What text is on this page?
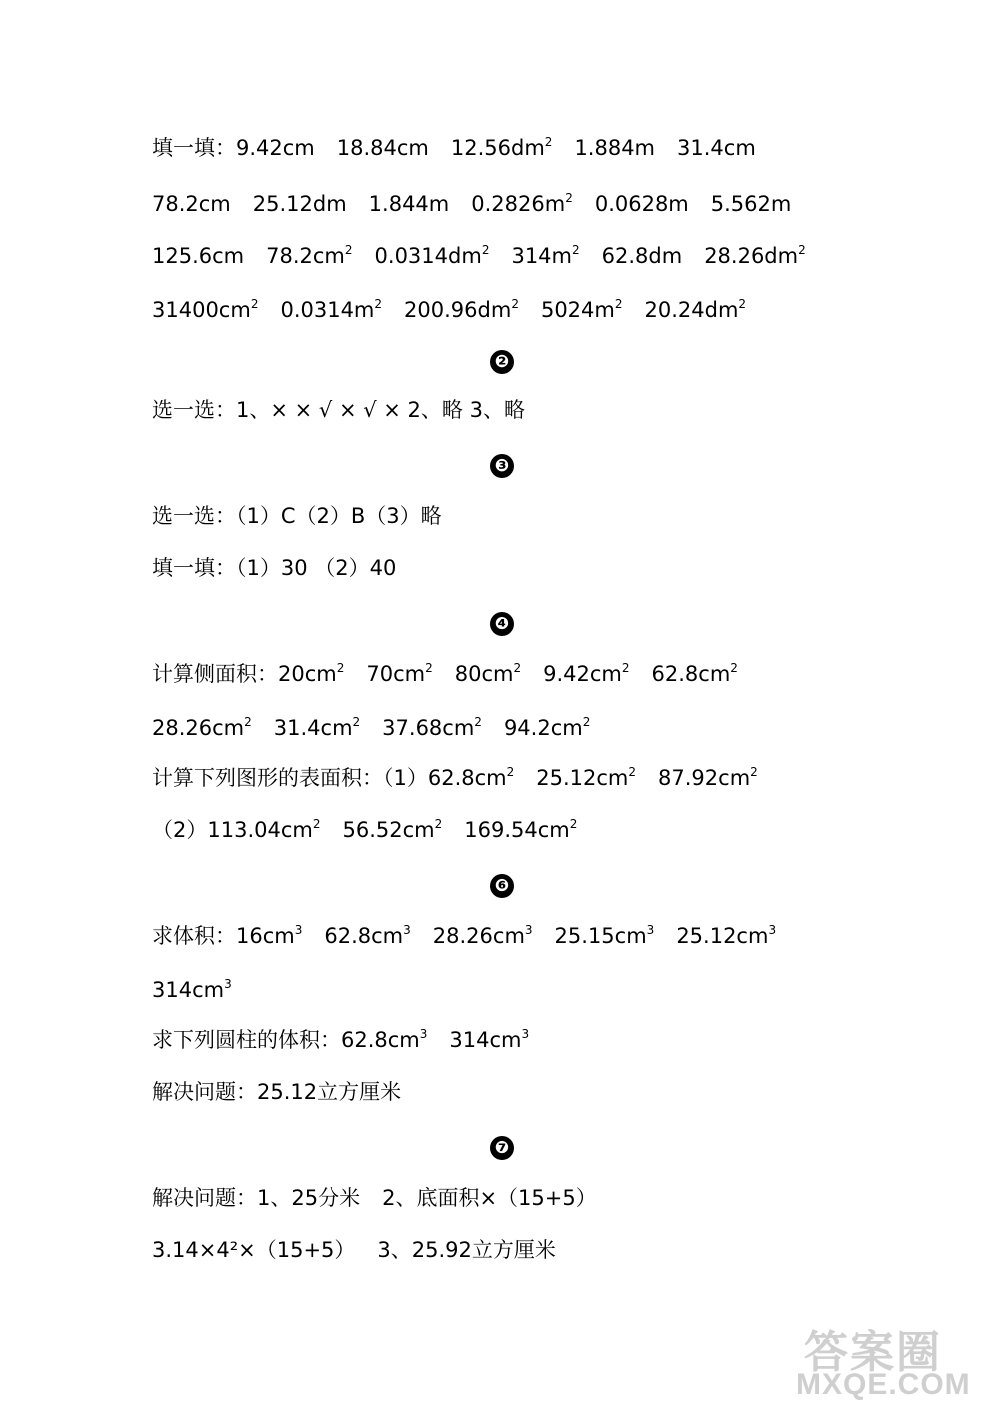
填一填：9.42cm 18.84cm $12.56dm^2$ 1.884m 31.4cm
78.2cm 25.12dm 1.844m $0.2826m^2$ 0.0628m 5.562m
125.6cm $78.2cm^2$ $0.0314dm^2$ $314m^2$ 62.8dm $28.26dm^2$
$31400cm^2$ $0.0314m^2$ $200.96dm^2$ $5024m^2$ $20.24dm^2$
❷
选一选：1、× × √ × √ × 2、略 3、略
❸
选一选：（1）C（2）B（3）略
填一填：（1）30 （2）40
❹
计算侧面积：$20cm^2$ $70cm^2$ $80cm^2$ $9.42cm^2$ $62.8cm^2$
$28.26cm^2$ $31.4cm^2$ $37.68cm^2$ $94.2cm^2$
计算下列图形的表面积：$(1)62.8cm^2$ $25.12cm^2$ $87.92cm^2$
$(2)113.04cm^2$ $56.52cm^2$ $169.54cm^2$
❻
求体积：$16cm^3$ $62.8cm^3$ $28.26cm^3$ $25.15cm^3$ $25.12cm^3$
$314cm^3$
求下列圆柱的体积：$62.8cm^3$ $314cm^3$
解决问题：25.12立方厘米
❼
解决问题：1、25分米 2、底面积×（15+5）
3.14×4²×（15+5） 3、25.92立方厘米
答案圈
MXQE.COM
